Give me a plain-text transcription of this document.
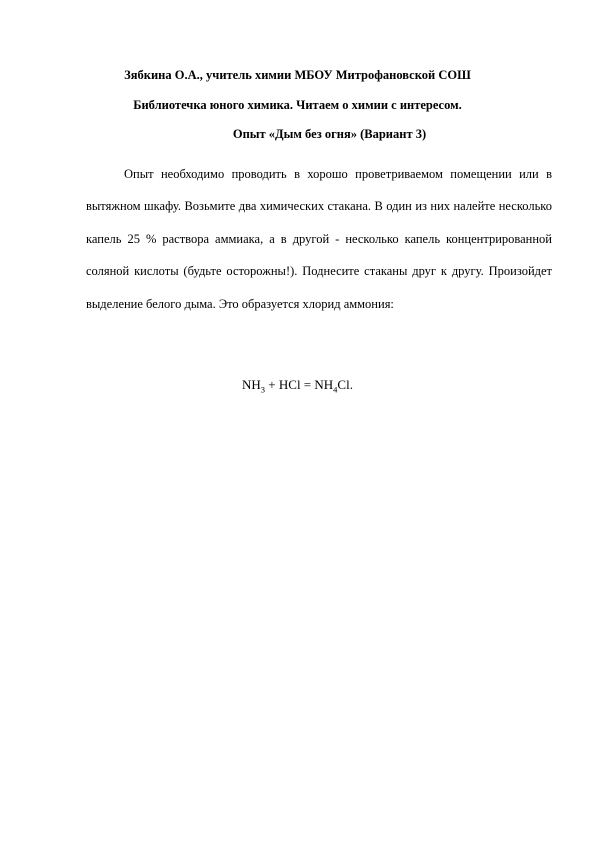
Зябкина О.А., учитель химии МБОУ Митрофановской СОШ
Библиотечка юного химика. Читаем о химии с интересом.
Опыт «Дым без огня» (Вариант 3)

Опыт необходимо проводить в хорошо проветриваемом помещении или в вытяжном шкафу. Возьмите два химических стакана. В один из них налейте несколько капель 25 % раствора аммиака, а в другой - несколько капель концентрированной соляной кислоты (будьте осторожны!). Поднесите стаканы друг к другу. Произойдет выделение белого дыма. Это образуется хлорид аммония:

$NH_3$ + HCl = $NH_4Cl$.
